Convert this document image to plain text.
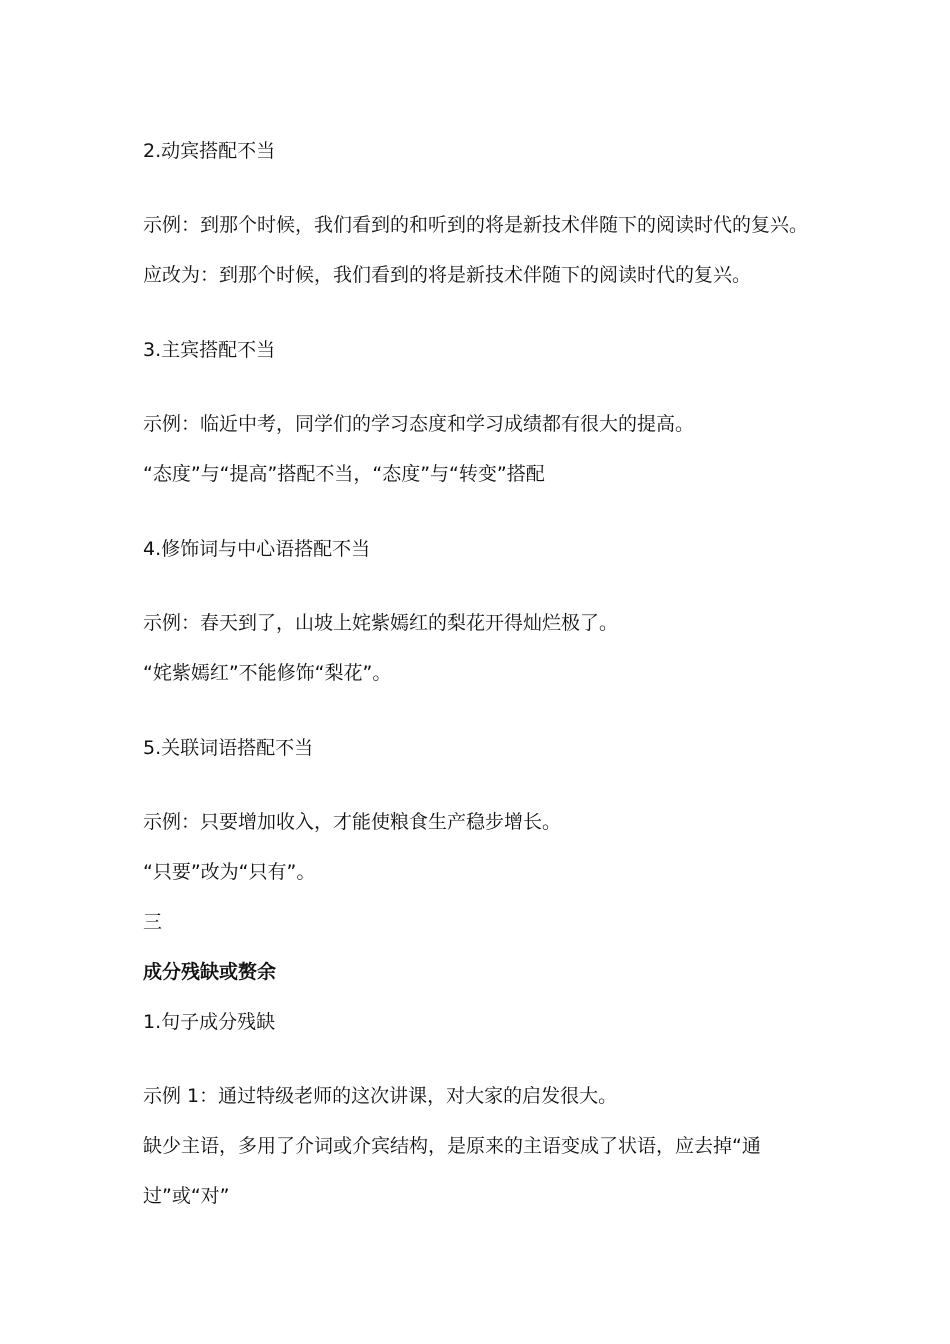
2.动宾搭配不当
示例：到那个时候，我们看到的和听到的将是新技术伴随下的阅读时代的复兴。
应改为：到那个时候，我们看到的将是新技术伴随下的阅读时代的复兴。
3.主宾搭配不当
示例：临近中考，同学们的学习态度和学习成绩都有很大的提高。
“态度”与“提高”搭配不当，“态度”与“转变”搭配
4.修饰词与中心语搭配不当
示例：春天到了，山坡上姹紫嫣红的梨花开得灿烂极了。
“姹紫嫣红”不能修饰“梨花”。
5.关联词语搭配不当
示例：只要增加收入，才能使粮食生产稳步增长。
“只要”改为“只有”。
三
成分残缺或赘余
1.句子成分残缺
示例 1：通过特级老师的这次讲课，对大家的启发很大。
缺少主语，多用了介词或介宾结构，是原来的主语变成了状语，应去掉“通
过”或“对”
